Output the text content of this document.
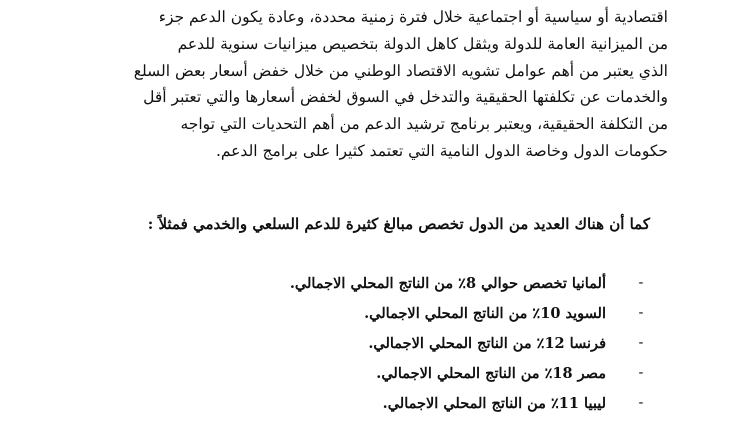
اقتصادية أو سياسية أو اجتماعية خلال فترة زمنية محددة، وعادة يكون الدعم جزء
من الميزانية العامة للدولة ويثقل كاهل الدولة بتخصيص ميزانيات سنوية للدعم
الذي يعتبر من أهم عوامل تشويه الاقتصاد الوطني من خلال خفض أسعار بعض السلع
والخدمات عن تكلفتها الحقيقية والتدخل في السوق لخفض أسعارها والتي تعتبر أقل
من التكلفة الحقيقية، ويعتبر برنامج ترشيد الدعم من أهم التحديات التي تواجه
حكومات الدول وخاصة الدول النامية التي تعتمد كثيرا على برامج الدعم.

كما أن هناك العديد من الدول تخصص مبالغ كثيرة للدعم السلعي والخدمي فمثلاً :

-
ألمانيا تخصص حوالي 8٪ من الناتج المحلي الاجمالي.
-
السويد 10٪ من الناتج المحلي الاجمالي.
-
فرنسا 12٪ من الناتج المحلي الاجمالي.
-
مصر 18٪ من الناتج المحلي الاجمالي.
-
ليبيا 11٪ من الناتج المحلي الاجمالي.
